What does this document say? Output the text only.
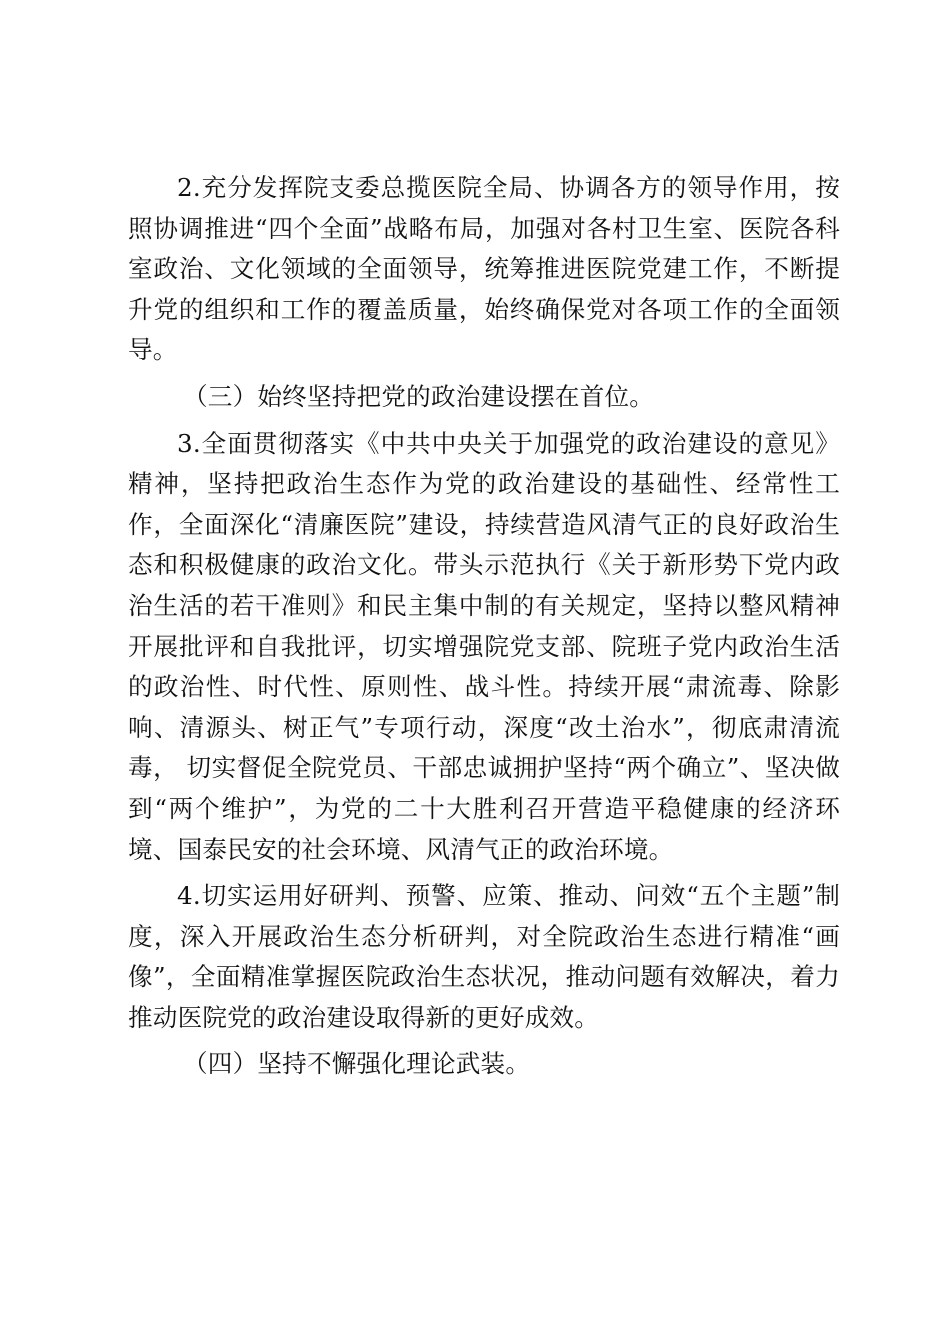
2.充分发挥院支委总揽医院全局、协调各方的领导作用，按照协调推进“四个全面”战略布局，加强对各村卫生室、医院各科室政治、文化领域的全面领导，统筹推进医院党建工作，不断提升党的组织和工作的覆盖质量，始终确保党对各项工作的全面领导。

（三）始终坚持把党的政治建设摆在首位。

3.全面贯彻落实《中共中央关于加强党的政治建设的意见》精神，坚持把政治生态作为党的政治建设的基础性、经常性工作，全面深化“清廉医院”建设，持续营造风清气正的良好政治生态和积极健康的政治文化。带头示范执行《关于新形势下党内政治生活的若干准则》和民主集中制的有关规定，坚持以整风精神开展批评和自我批评，切实增强院党支部、院班子党内政治生活的政治性、时代性、原则性、战斗性。持续开展“肃流毒、除影响、清源头、树正气”专项行动，深度“改土治水”，彻底肃清流毒， 切实督促全院党员、干部忠诚拥护坚持“两个确立”、坚决做到“两个维护”，为党的二十大胜利召开营造平稳健康的经济环境、国泰民安的社会环境、风清气正的政治环境。

4.切实运用好研判、预警、应策、推动、问效“五个主题”制度，深入开展政治生态分析研判，对全院政治生态进行精准“画像”，全面精准掌握医院政治生态状况，推动问题有效解决，着力推动医院党的政治建设取得新的更好成效。

（四）坚持不懈强化理论武装。
